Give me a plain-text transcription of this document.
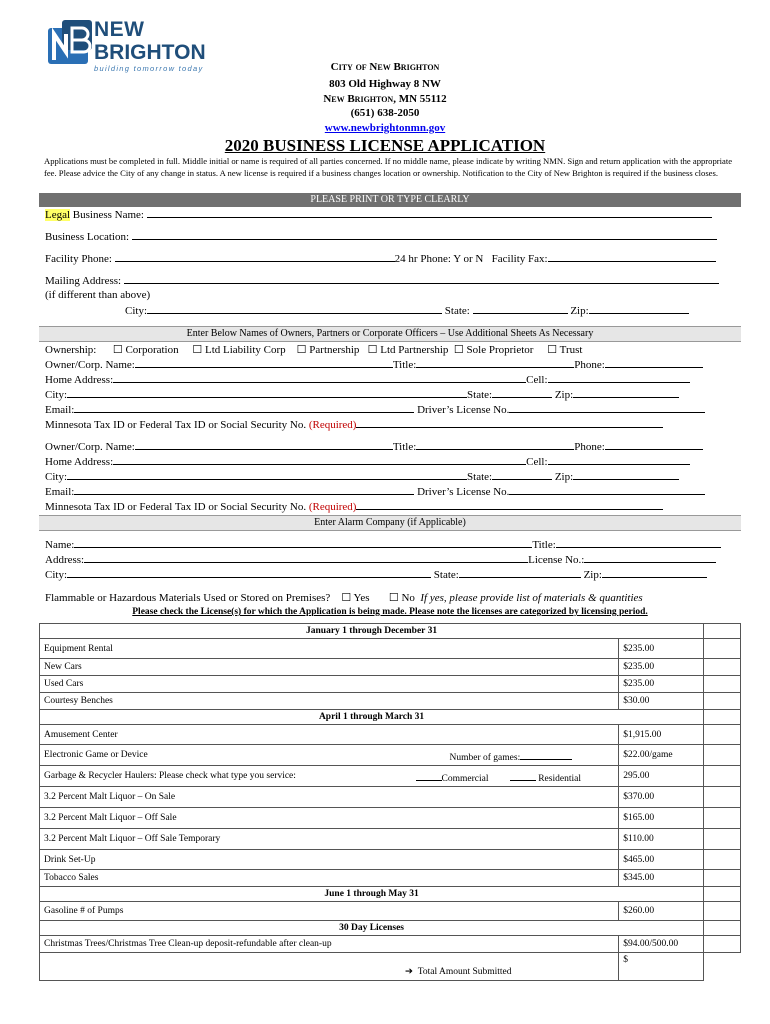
NEW
BRIGHTON
building tomorrow today	City of New Brighton
803 Old Highway 8 NW
New Brighton, MN 55112
(651) 638-2050
www.newbrightonmn.gov
2020 BUSINESS LICENSE APPLICATION
Applications must be completed in full. Middle initial or name is required of all parties concerned. If no middle name, please indicate by writing NMN. Sign and return application with the appropriate fee. Please advice the City of any change in status. A new license is required if a business changes location or ownership. Notification to the City of New Brighton is required if the business closes.
PLEASE PRINT OR TYPE CLEARLY
Legal Business Name:
Business Location:
Facility Phone:	24 hr Phone: Y or N Facility Fax:
Mailing Address:
(if different than above)
City:	State:	Zip:
Enter Below Names of Owners, Partners or Corporate Officers – Use Additional Sheets As Necessary
Ownership: ☐ Corporation ☐ Ltd Liability Corp ☐ Partnership ☐ Ltd Partnership ☐ Sole Proprietor ☐ Trust
Owner/Corp. Name:	Title:	Phone:
Home Address:	Cell:
City:	State:	Zip:
Email:	Driver’s License No.
Minnesota Tax ID or Federal Tax ID or Social Security No. (Required)
Owner/Corp. Name:	Title:	Phone:
Home Address:	Cell:
City:	State:	Zip:
Email:	Driver’s License No.
Minnesota Tax ID or Federal Tax ID or Social Security No. (Required)
Enter Alarm Company (if Applicable)
Name:	Title:
Address:	License No.:
City:	State:	Zip:
Flammable or Hazardous Materials Used or Stored on Premises? ☐ Yes ☐ No If yes, please provide list of materials & quantities
Please check the License(s) for which the Application is being made. Please note the licenses are categorized by licensing period.
January 1 through December 31		
Equipment Rental	$235.00	
New Cars	$235.00	
Used Cars	$235.00	
Courtesy Benches	$30.00	
April 1 through March 31		
Amusement Center	$1,915.00	
Electronic Game or Device Number of games:	$22.00/game	
Garbage & Recycler Haulers: Please check what type you service: Commercial Residential	295.00	
3.2 Percent Malt Liquor – On Sale	$370.00	
3.2 Percent Malt Liquor – Off Sale	$165.00	
3.2 Percent Malt Liquor – Off Sale Temporary	$110.00	
Drink Set-Up	$465.00	
Tobacco Sales	$345.00	
June 1 through May 31		
Gasoline # of Pumps	$260.00	
30 Day Licenses		
Christmas Trees/Christmas Tree Clean-up deposit-refundable after clean-up	$94.00/500.00	
➔ Total Amount Submitted	$	
